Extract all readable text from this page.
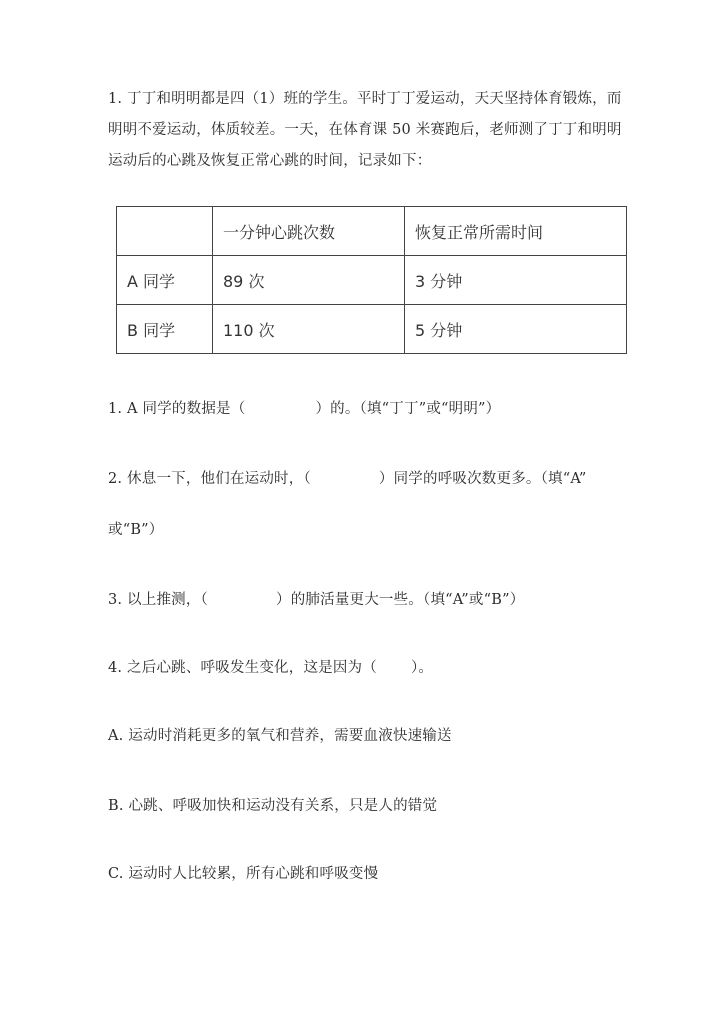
1. 丁丁和明明都是四（1）班的学生。平时丁丁爱运动，天天坚持体育锻炼，而

明明不爱运动，体质较差。一天，在体育课 50 米赛跑后，老师测了丁丁和明明

运动后的心跳及恢复正常心跳的时间，记录如下：

	一分钟心跳次数	恢复正常所需时间
A 同学	89 次	3 分钟
B 同学	110 次	5 分钟
1. A 同学的数据是（	）的。（填“丁丁”或“明明”）
2. 休息一下，他们在运动时，（	）同学的呼吸次数更多。（填“A”
或“B”）
3. 以上推测，（	）的肺活量更大一些。（填“A”或“B”）
4. 之后心跳、呼吸发生变化，这是因为（ ）。
A. 运动时消耗更多的氧气和营养，需要血液快速输送
B. 心跳、呼吸加快和运动没有关系，只是人的错觉
C. 运动时人比较累，所有心跳和呼吸变慢
